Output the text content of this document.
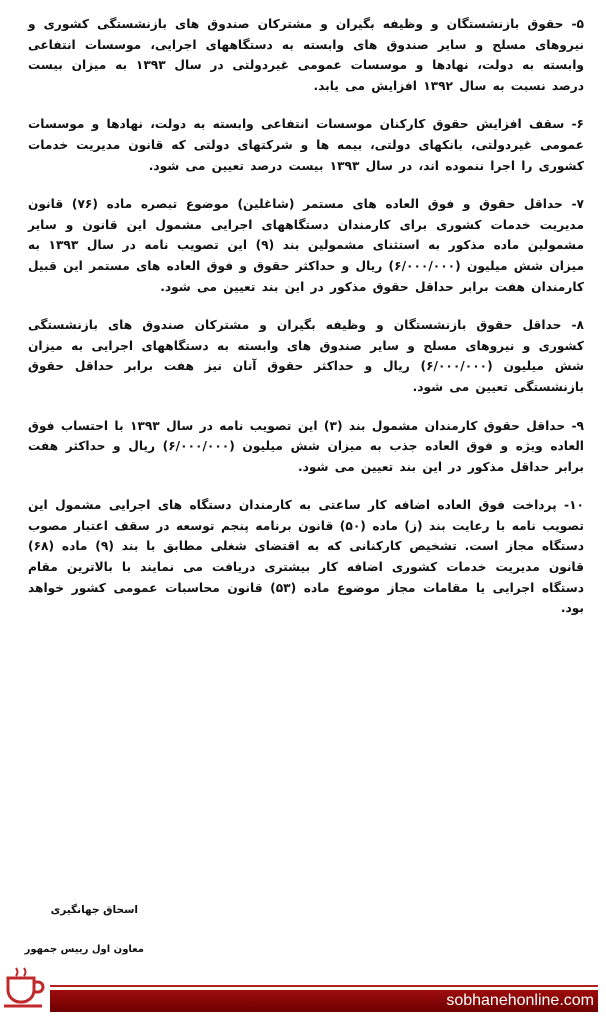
۵- حقوق بازنشستگان و وظیفه بگیران و مشترکان صندوق های بازنشستگی کشوری و نیروهای مسلح و سایر صندوق های وابسته به دستگاههای اجرایی، موسسات انتفاعی وابسته به دولت، نهادها و موسسات عمومی غیردولتی در سال ۱۳۹۳ به میزان بیست درصد نسبت به سال ۱۳۹۲ افزایش می یابد.

۶- سقف افزایش حقوق کارکنان موسسات انتفاعی وابسته به دولت، نهادها و موسسات عمومی غیردولتی، بانکهای دولتی، بیمه ها و شرکتهای دولتی که قانون مدیریت خدمات کشوری را اجرا ننموده اند، در سال ۱۳۹۳ بیست درصد تعیین می شود.

۷- حداقل حقوق و فوق العاده های مستمر (شاغلین) موضوع تبصره ماده (۷۶) قانون مدیریت خدمات کشوری برای کارمندان دستگاههای اجرایی مشمول این قانون و سایر مشمولین ماده مذکور به استثنای مشمولین بند (۹) این تصویب نامه در سال ۱۳۹۳ به میزان شش میلیون (۶/۰۰۰/۰۰۰) ریال و حداکثر حقوق و فوق العاده های مستمر این قبیل کارمندان هفت برابر حداقل حقوق مذکور در این بند تعیین می شود.

۸- حداقل حقوق بازنشستگان و وظیفه بگیران و مشترکان صندوق های بازنشستگی کشوری و نیروهای مسلح و سایر صندوق های وابسته به دستگاههای اجرایی به میزان شش میلیون (۶/۰۰۰/۰۰۰) ریال و حداکثر حقوق آنان نیز هفت برابر حداقل حقوق بازنشستگی تعیین می شود.

۹- حداقل حقوق کارمندان مشمول بند (۳) این تصویب نامه در سال ۱۳۹۳ با احتساب فوق العاده ویژه و فوق العاده جذب به میزان شش میلیون (۶/۰۰۰/۰۰۰) ریال و حداکثر هفت برابر حداقل مذکور در این بند تعیین می شود.

۱۰- پرداخت فوق العاده اضافه کار ساعتی به کارمندان دستگاه های اجرایی مشمول این تصویب نامه با رعایت بند (ز) ماده (۵۰) قانون برنامه پنجم توسعه در سقف اعتبار مصوب دستگاه مجاز است. تشخیص کارکنانی که به اقتضای شغلی مطابق با بند (۹) ماده (۶۸) قانون مدیریت خدمات کشوری اضافه کار بیشتری دریافت می نمایند با بالاترین مقام دستگاه اجرایی یا مقامات مجاز موضوع ماده (۵۳) قانون محاسبات عمومی کشور خواهد بود.

اسحاق جهانگیری
معاون اول رییس جمهور
sobhanehonline.com
